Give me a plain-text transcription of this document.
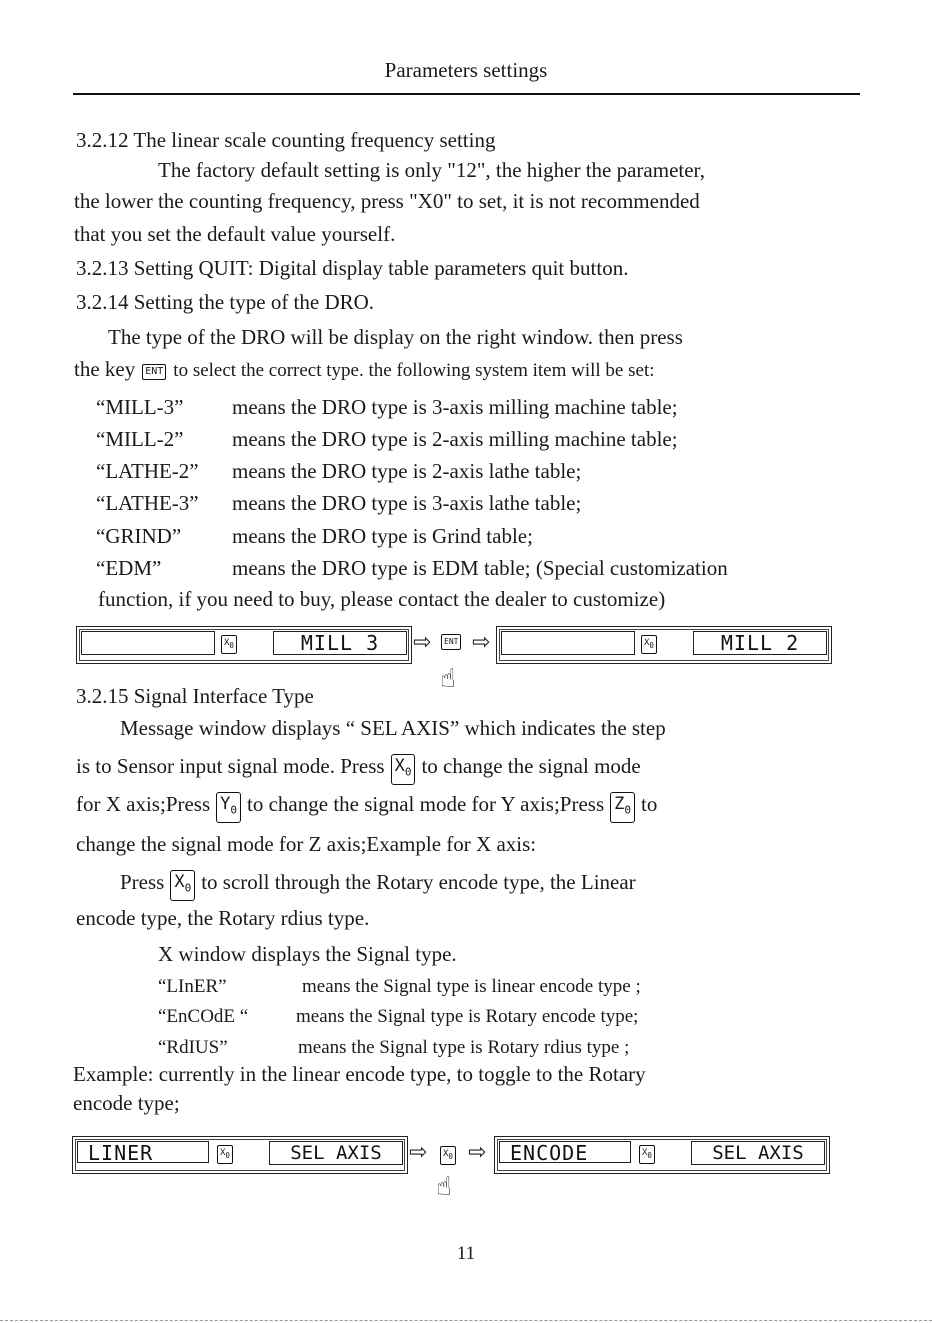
Parameters settings
3.2.12 The linear scale counting frequency setting
The factory default setting is only "12", the higher the parameter,
the lower the counting frequency, press "X0" to set, it is not recommended
that you set the default value yourself.
3.2.13 Setting QUIT: Digital display table parameters quit button.
3.2.14 Setting the type of the DRO.
The type of the DRO will be display on the right window. then press
the key ENT to select the correct type. the following system item will be set:
“MILL-3” means the DRO type is 3-axis milling machine table;
“MILL-2” means the DRO type is 2-axis milling machine table;
“LATHE-2” means the DRO type is 2-axis lathe table;
“LATHE-3” means the DRO type is 3-axis lathe table;
“GRIND” means the DRO type is Grind table;
“EDM”	means the DRO type is EDM table; (Special customization
function, if you need to buy, please contact the dealer to customize)
$X_0$	MILL_3	⇨	ENT ⇨
☝
$X_0$	MILL_2
3.2.15 Signal Interface Type
Message window displays “ SEL AXIS” which indicates the step
is to Sensor input signal mode. Press $X_0$ to change the signal mode
for X axis;Press $Y_0$ to change the signal mode for Y axis;Press $Z_0$ to
change the signal mode for Z axis;Example for X axis:
Press $X_0$ to scroll through the Rotary encode type, the Linear
encode type, the Rotary rdius type.
X window displays the Signal type.
“LInER”	means the Signal type is linear encode type ;
“EnCOdE “	means the Signal type is Rotary encode type;
“RdIUS”	means the Signal type is Rotary rdius type ;
Example: currently in the linear encode type, to toggle to the Rotary
encode type;
LINER	$X_0$	SEL AXIS	⇨	$X_0$ ⇨
☝
ENCODE	$X_0$	SEL AXIS
11
